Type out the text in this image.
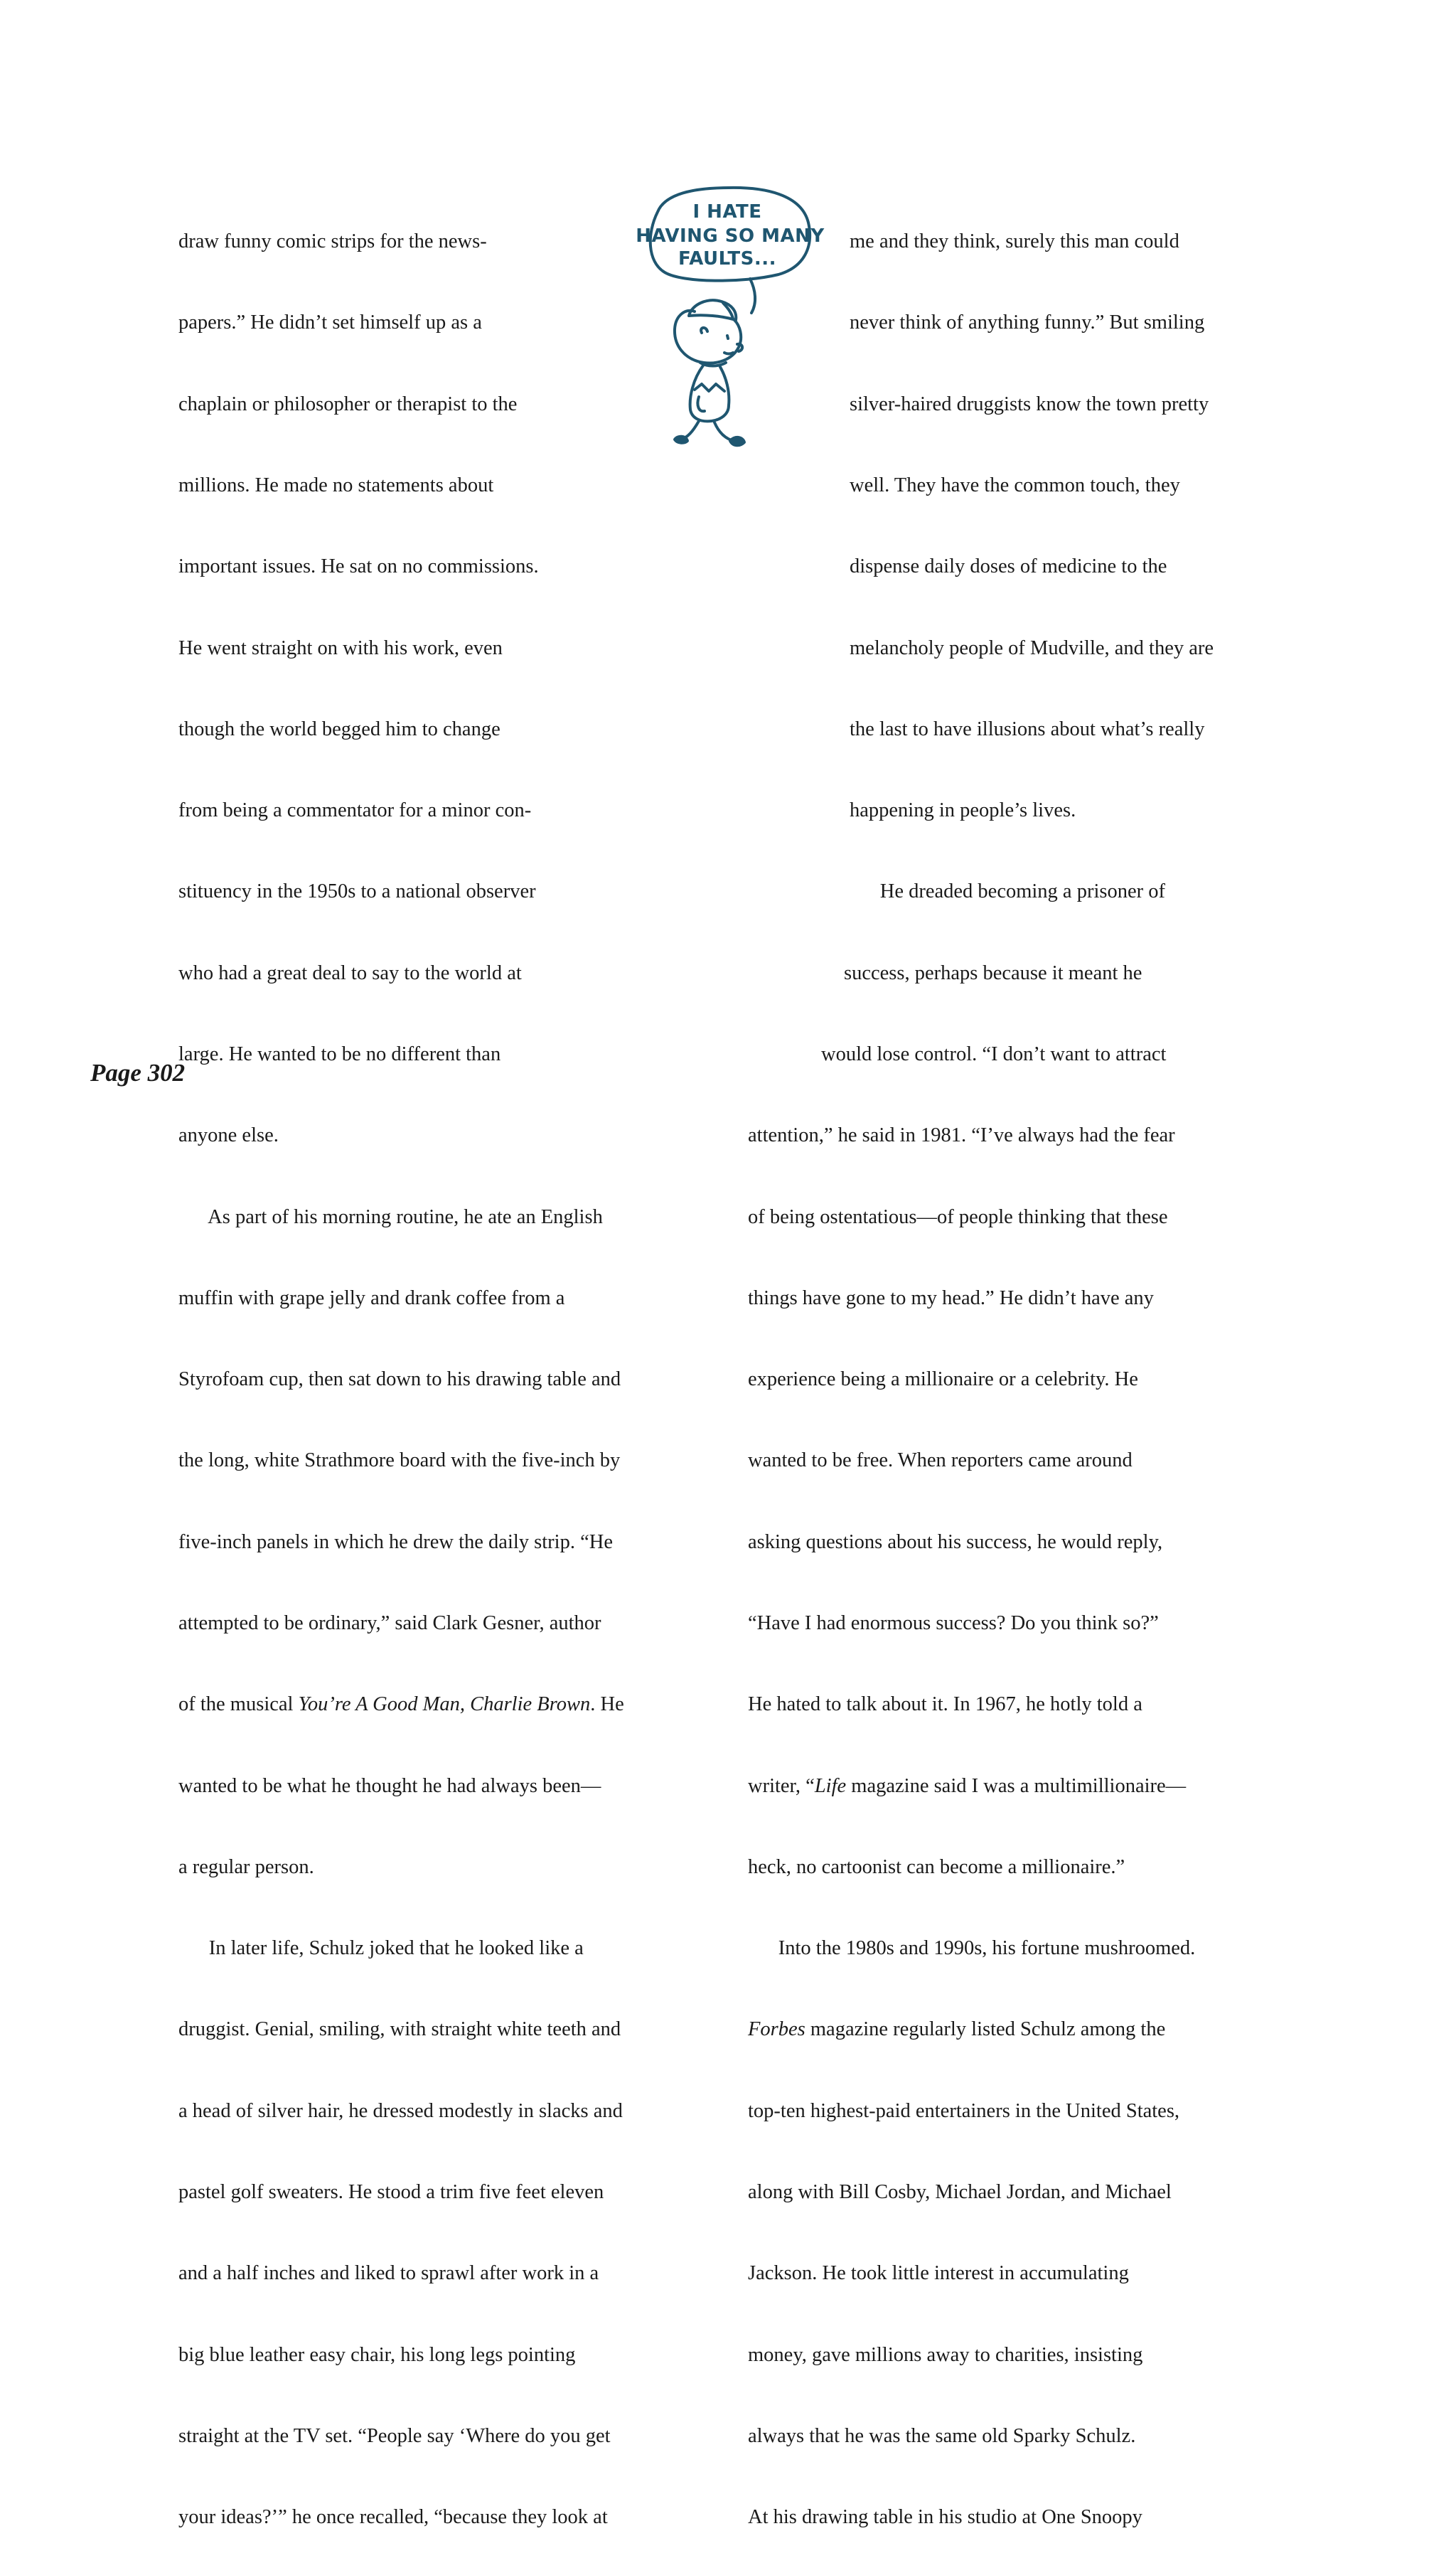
draw funny comic strips for the news-

papers.” He didn’t set himself up as a

chaplain or philosopher or therapist to the

millions. He made no statements about

important issues. He sat on no commissions.

He went straight on with his work, even

though the world begged him to change

from being a commentator for a minor con-

stituency in the 1950s to a national observer

who had a great deal to say to the world at

large. He wanted to be no different than

anyone else.

As part of his morning routine, he ate an English

muffin with grape jelly and drank coffee from a

Styrofoam cup, then sat down to his drawing table and

the long, white Strathmore board with the five-inch by

five-inch panels in which he drew the daily strip. “He

attempted to be ordinary,” said Clark Gesner, author

of the musical You’re A Good Man, Charlie Brown. He

wanted to be what he thought he had always been—

a regular person.

In later life, Schulz joked that he looked like a

druggist. Genial, smiling, with straight white teeth and

a head of silver hair, he dressed modestly in slacks and

pastel golf sweaters. He stood a trim five feet eleven

and a half inches and liked to sprawl after work in a

big blue leather easy chair, his long legs pointing

straight at the TV set. “People say ‘Where do you get

your ideas?’” he once recalled, “because they look at

me and they think, surely this man could

never think of anything funny.” But smiling

silver-haired druggists know the town pretty

well. They have the common touch, they

dispense daily doses of medicine to the

melancholy people of Mudville, and they are

the last to have illusions about what’s really

happening in people’s lives.

He dreaded becoming a prisoner of

success, perhaps because it meant he

would lose control. “I don’t want to attract

attention,” he said in 1981. “I’ve always had the fear

of being ostentatious—of people thinking that these

things have gone to my head.” He didn’t have any

experience being a millionaire or a celebrity. He

wanted to be free. When reporters came around

asking questions about his success, he would reply,

“Have I had enormous success? Do you think so?”

He hated to talk about it. In 1967, he hotly told a

writer, “Life magazine said I was a multimillionaire—

heck, no cartoonist can become a millionaire.”

Into the 1980s and 1990s, his fortune mushroomed.

Forbes magazine regularly listed Schulz among the

top-ten highest-paid entertainers in the United States,

along with Bill Cosby, Michael Jordan, and Michael

Jackson. He took little interest in accumulating

money, gave millions away to charities, insisting

always that he was the same old Sparky Schulz.

At his drawing table in his studio at One Snoopy

I HATE
HAVING SO MANY
FAULTS...
Page 302
